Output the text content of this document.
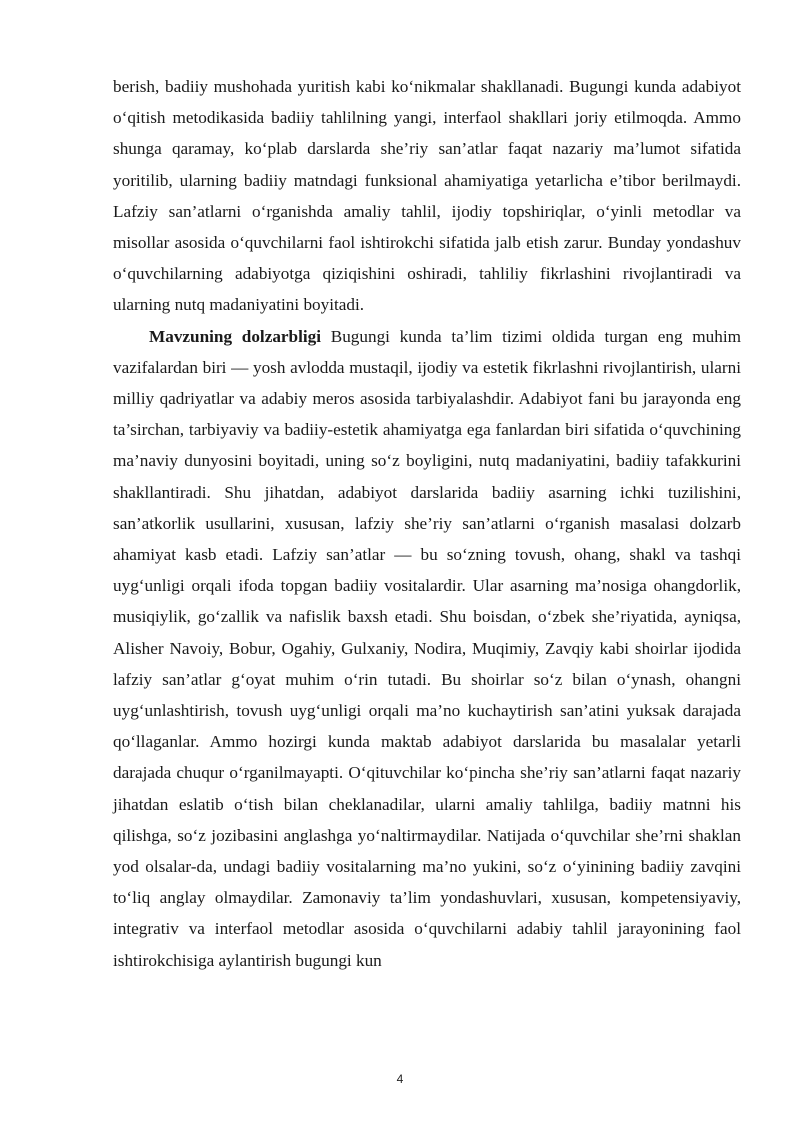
berish, badiiy mushohada yuritish kabi ko‘nikmalar shakllanadi. Bugungi kunda adabiyot o‘qitish metodikasida badiiy tahlilning yangi, interfaol shakllari joriy etilmoqda. Ammo shunga qaramay, ko‘plab darslarda she’riy san’atlar faqat nazariy ma’lumot sifatida yoritilib, ularning badiiy matndagi funksional ahamiyatiga yetarlicha e’tibor berilmaydi. Lafziy san’atlarni o‘rganishda amaliy tahlil, ijodiy topshiriqlar, o‘yinli metodlar va misollar asosida o‘quvchilarni faol ishtirokchi sifatida jalb etish zarur. Bunday yondashuv o‘quvchilarning adabiyotga qiziqishini oshiradi, tahliliy fikrlashini rivojlantiradi va ularning nutq madaniyatini boyitadi.

Mavzuning dolzarbligi Bugungi kunda ta’lim tizimi oldida turgan eng muhim vazifalardan biri — yosh avlodda mustaqil, ijodiy va estetik fikrlashni rivojlantirish, ularni milliy qadriyatlar va adabiy meros asosida tarbiyalashdir. Adabiyot fani bu jarayonda eng ta’sirchan, tarbiyaviy va badiiy-estetik ahamiyatga ega fanlardan biri sifatida o‘quvchining ma’naviy dunyosini boyitadi, uning so‘z boyligini, nutq madaniyatini, badiiy tafakkurini shakllantiradi. Shu jihatdan, adabiyot darslarida badiiy asarning ichki tuzilishini, san’atkorlik usullarini, xususan, lafziy she’riy san’atlarni o‘rganish masalasi dolzarb ahamiyat kasb etadi. Lafziy san’atlar — bu so‘zning tovush, ohang, shakl va tashqi uyg‘unligi orqali ifoda topgan badiiy vositalardir. Ular asarning ma’nosiga ohangdorlik, musiqiylik, go‘zallik va nafislik baxsh etadi. Shu boisdan, o‘zbek she’riyatida, ayniqsa, Alisher Navoiy, Bobur, Ogahiy, Gulxaniy, Nodira, Muqimiy, Zavqiy kabi shoirlar ijodida lafziy san’atlar g‘oyat muhim o‘rin tutadi. Bu shoirlar so‘z bilan o‘ynash, ohangni uyg‘unlashtirish, tovush uyg‘unligi orqali ma’no kuchaytirish san’atini yuksak darajada qo‘llaganlar. Ammo hozirgi kunda maktab adabiyot darslarida bu masalalar yetarli darajada chuqur o‘rganilmayapti. O‘qituvchilar ko‘pincha she’riy san’atlarni faqat nazariy jihatdan eslatib o‘tish bilan cheklanadilar, ularni amaliy tahlilga, badiiy matnni his qilishga, so‘z jozibasini anglashga yo‘naltirmaydilar. Natijada o‘quvchilar she’rni shaklan yod olsalar-da, undagi badiiy vositalarning ma’no yukini, so‘z o‘yinining badiiy zavqini to‘liq anglay olmaydilar. Zamonaviy ta’lim yondashuvlari, xususan, kompetensiyaviy, integrativ va interfaol metodlar asosida o‘quvchilarni adabiy tahlil jarayonining faol ishtirokchisiga aylantirish bugungi kun

4
